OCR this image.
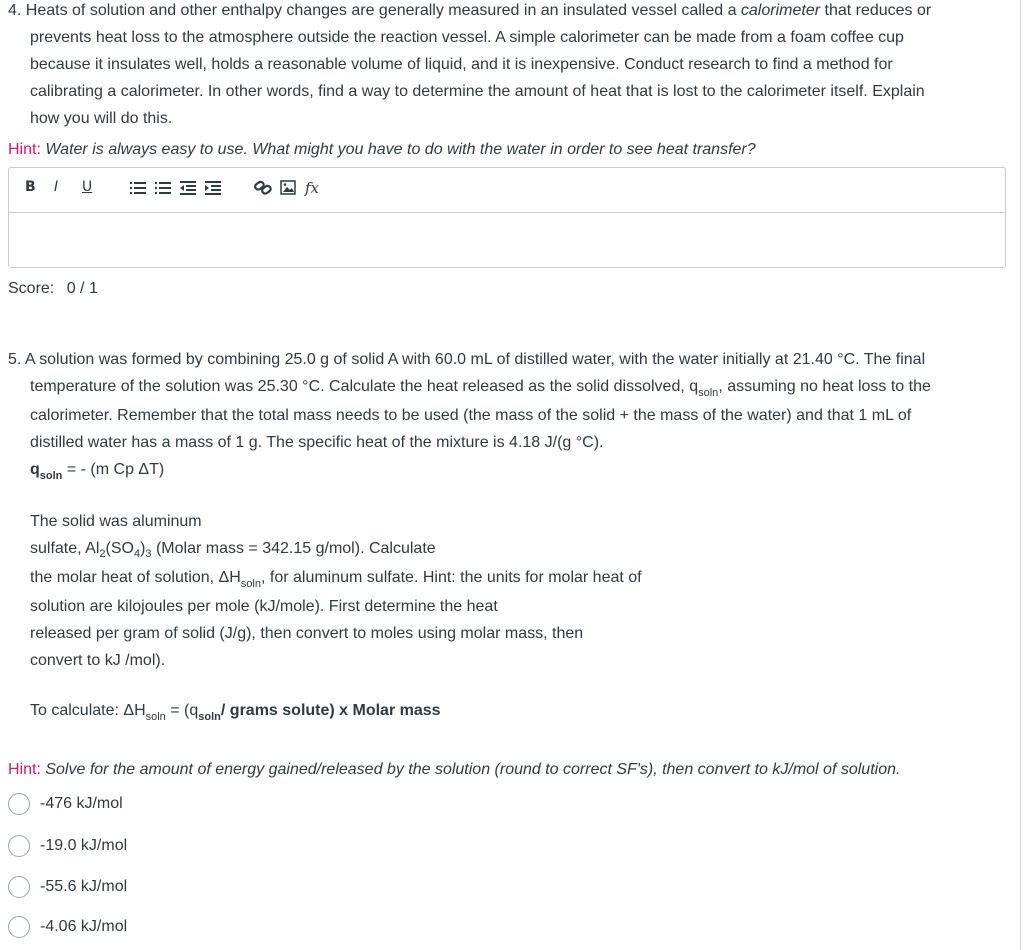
4. Heats of solution and other enthalpy changes are generally measured in an insulated vessel called a calorimeter that reduces or

prevents heat loss to the atmosphere outside the reaction vessel. A simple calorimeter can be made from a foam coffee cup

because it insulates well, holds a reasonable volume of liquid, and it is inexpensive. Conduct research to find a method for

calibrating a calorimeter. In other words, find a way to determine the amount of heat that is lost to the calorimeter itself. Explain

how you will do this.

Hint: Water is always easy to use. What might you have to do with the water in order to see heat transfer?
B I U	fx
Score: 0 / 1

5. A solution was formed by combining 25.0 g of solid A with 60.0 mL of distilled water, with the water initially at 21.40 °C. The final

temperature of the solution was 25.30 °C. Calculate the heat released as the solid dissolved, $q_{soln}$, assuming no heat loss to the

calorimeter. Remember that the total mass needs to be used (the mass of the solid + the mass of the water) and that 1 mL of

distilled water has a mass of 1 g. The specific heat of the mixture is 4.18 J/(g °C).

$q_{soln}$ = - (m Cp ΔT)

The solid was aluminum

sulfate, $Al_2(SO_4)_3$ (Molar mass = 342.15 g/mol). Calculate

the molar heat of solution, $\Delta H_{soln}$, for aluminum sulfate. Hint: the units for molar heat of

solution are kilojoules per mole (kJ/mole). First determine the heat

released per gram of solid (J/g), then convert to moles using molar mass, then

convert to kJ /mol).

To calculate: $\Delta H_{soln} = (q_{soln}/$ grams solute) x Molar mass

Hint: Solve for the amount of energy gained/released by the solution (round to correct SF's), then convert to kJ/mol of solution.
-476 kJ/mol
-19.0 kJ/mol
-55.6 kJ/mol
-4.06 kJ/mol
